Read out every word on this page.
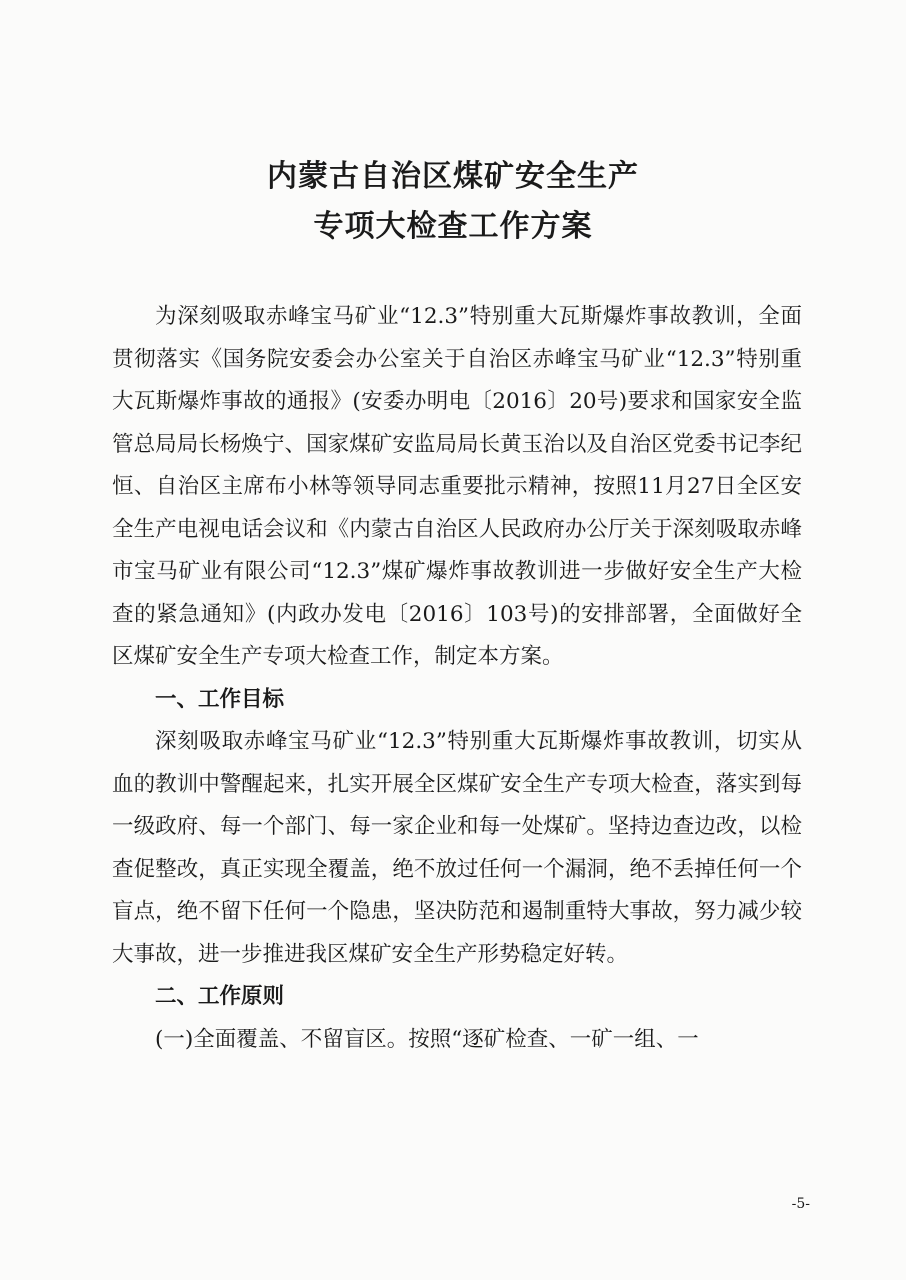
内蒙古自治区煤矿安全生产
专项大检查工作方案

为深刻吸取赤峰宝马矿业“12.3”特别重大瓦斯爆炸事故教训，全面贯彻落实《国务院安委会办公室关于自治区赤峰宝马矿业“12.3”特别重大瓦斯爆炸事故的通报》(安委办明电〔2016〕20号)要求和国家安全监管总局局长杨焕宁、国家煤矿安监局局长黄玉治以及自治区党委书记李纪恒、自治区主席布小林等领导同志重要批示精神，按照11月27日全区安全生产电视电话会议和《内蒙古自治区人民政府办公厅关于深刻吸取赤峰市宝马矿业有限公司“12.3”煤矿爆炸事故教训进一步做好安全生产大检查的紧急通知》(内政办发电〔2016〕103号)的安排部署，全面做好全区煤矿安全生产专项大检查工作，制定本方案。

一、工作目标

深刻吸取赤峰宝马矿业“12.3”特别重大瓦斯爆炸事故教训，切实从血的教训中警醒起来，扎实开展全区煤矿安全生产专项大检查，落实到每一级政府、每一个部门、每一家企业和每一处煤矿。坚持边查边改，以检查促整改，真正实现全覆盖，绝不放过任何一个漏洞，绝不丢掉任何一个盲点，绝不留下任何一个隐患，坚决防范和遏制重特大事故，努力减少较大事故，进一步推进我区煤矿安全生产形势稳定好转。

二、工作原则

(一)全面覆盖、不留盲区。按照“逐矿检查、一矿一组、一

-5-
